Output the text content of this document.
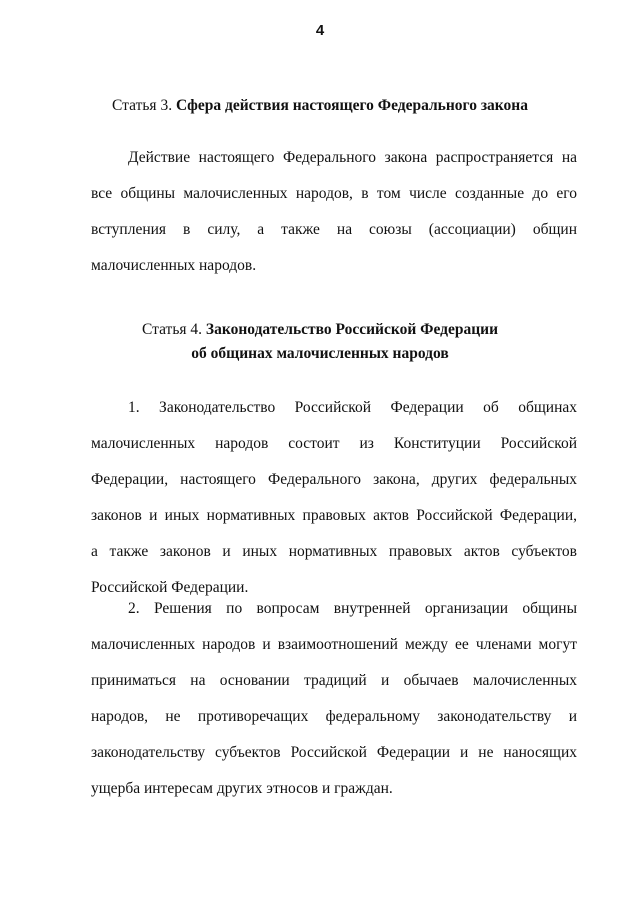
4
Статья 3. Сфера действия настоящего Федерального закона
Действие настоящего Федерального закона распространяется на
все общины малочисленных народов, в том числе созданные до его
вступления в силу, а также на союзы (ассоциации) общин
малочисленных народов.
Статья 4. Законодательство Российской Федерации
об общинах малочисленных народов
1. Законодательство Российской Федерации об общинах
малочисленных народов состоит из Конституции Российской
Федерации, настоящего Федерального закона, других федеральных
законов и иных нормативных правовых актов Российской Федерации,
а также законов и иных нормативных правовых актов субъектов
Российской Федерации.
2. Решения по вопросам внутренней организации общины
малочисленных народов и взаимоотношений между ее членами могут
приниматься на основании традиций и обычаев малочисленных
народов, не противоречащих федеральному законодательству и
законодательству субъектов Российской Федерации и не наносящих
ущерба интересам других этносов и граждан.
